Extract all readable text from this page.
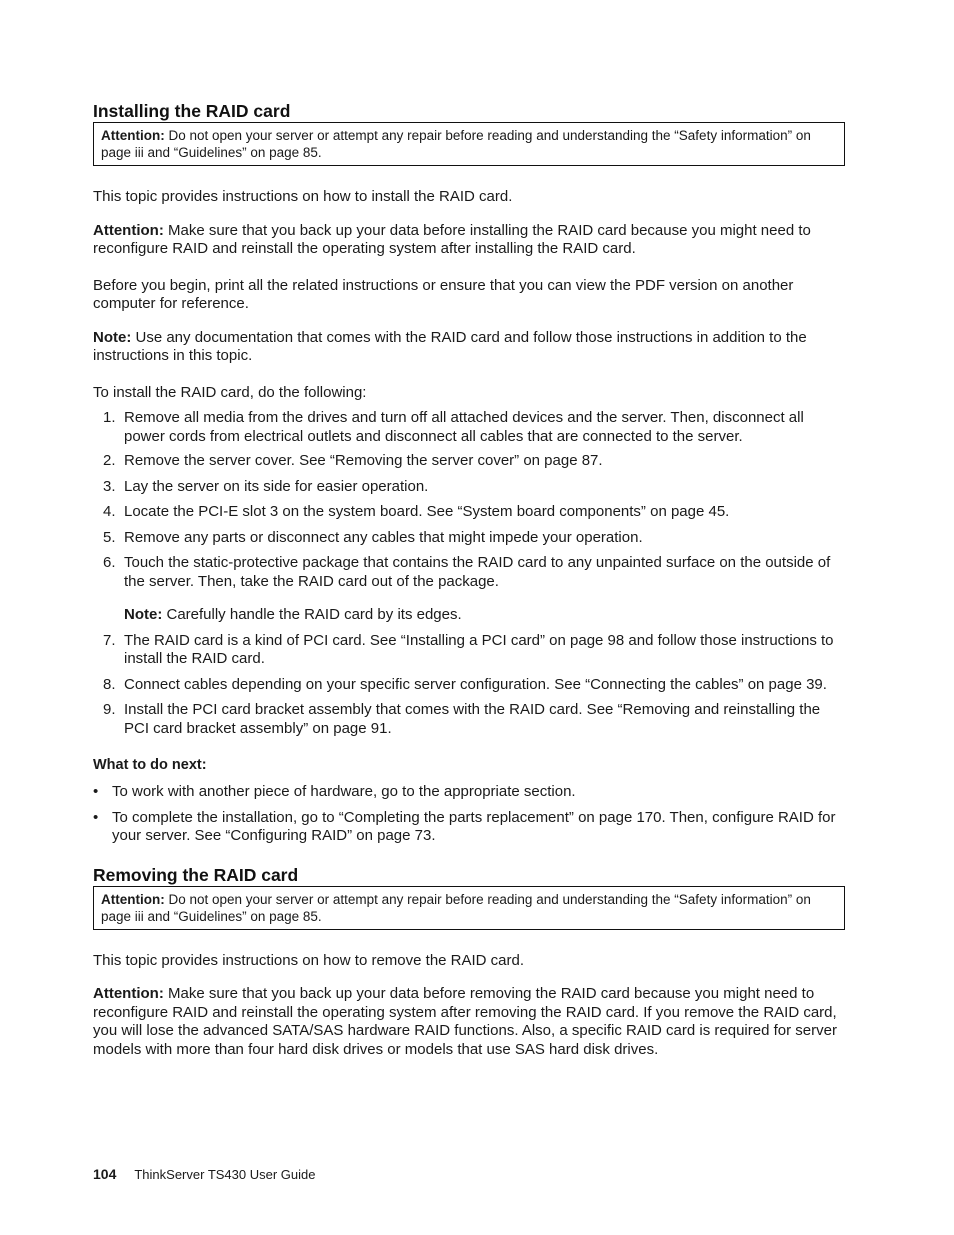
Installing the RAID card
Attention: Do not open your server or attempt any repair before reading and understanding the “Safety information” on page iii and “Guidelines” on page 85.

This topic provides instructions on how to install the RAID card.

Attention: Make sure that you back up your data before installing the RAID card because you might need to reconfigure RAID and reinstall the operating system after installing the RAID card.

Before you begin, print all the related instructions or ensure that you can view the PDF version on another computer for reference.

Note: Use any documentation that comes with the RAID card and follow those instructions in addition to the instructions in this topic.

To install the RAID card, do the following:

1. Remove all media from the drives and turn off all attached devices and the server. Then, disconnect all power cords from electrical outlets and disconnect all cables that are connected to the server.
2. Remove the server cover. See “Removing the server cover” on page 87.
3. Lay the server on its side for easier operation.
4. Locate the PCI-E slot 3 on the system board. See “System board components” on page 45.
5. Remove any parts or disconnect any cables that might impede your operation.
6. Touch the static-protective package that contains the RAID card to any unpainted surface on the outside of the server. Then, take the RAID card out of the package.
Note: Carefully handle the RAID card by its edges.
7. The RAID card is a kind of PCI card. See “Installing a PCI card” on page 98 and follow those instructions to install the RAID card.
8. Connect cables depending on your specific server configuration. See “Connecting the cables” on page 39.
9. Install the PCI card bracket assembly that comes with the RAID card. See “Removing and reinstalling the PCI card bracket assembly” on page 91.
What to do next:
• To work with another piece of hardware, go to the appropriate section.
• To complete the installation, go to “Completing the parts replacement” on page 170. Then, configure RAID for your server. See “Configuring RAID” on page 73.
Removing the RAID card
Attention: Do not open your server or attempt any repair before reading and understanding the “Safety information” on page iii and “Guidelines” on page 85.

This topic provides instructions on how to remove the RAID card.

Attention: Make sure that you back up your data before removing the RAID card because you might need to reconfigure RAID and reinstall the operating system after removing the RAID card. If you remove the RAID card, you will lose the advanced SATA/SAS hardware RAID functions. Also, a specific RAID card is required for server models with more than four hard disk drives or models that use SAS hard disk drives.

104 ThinkServer TS430 User Guide
